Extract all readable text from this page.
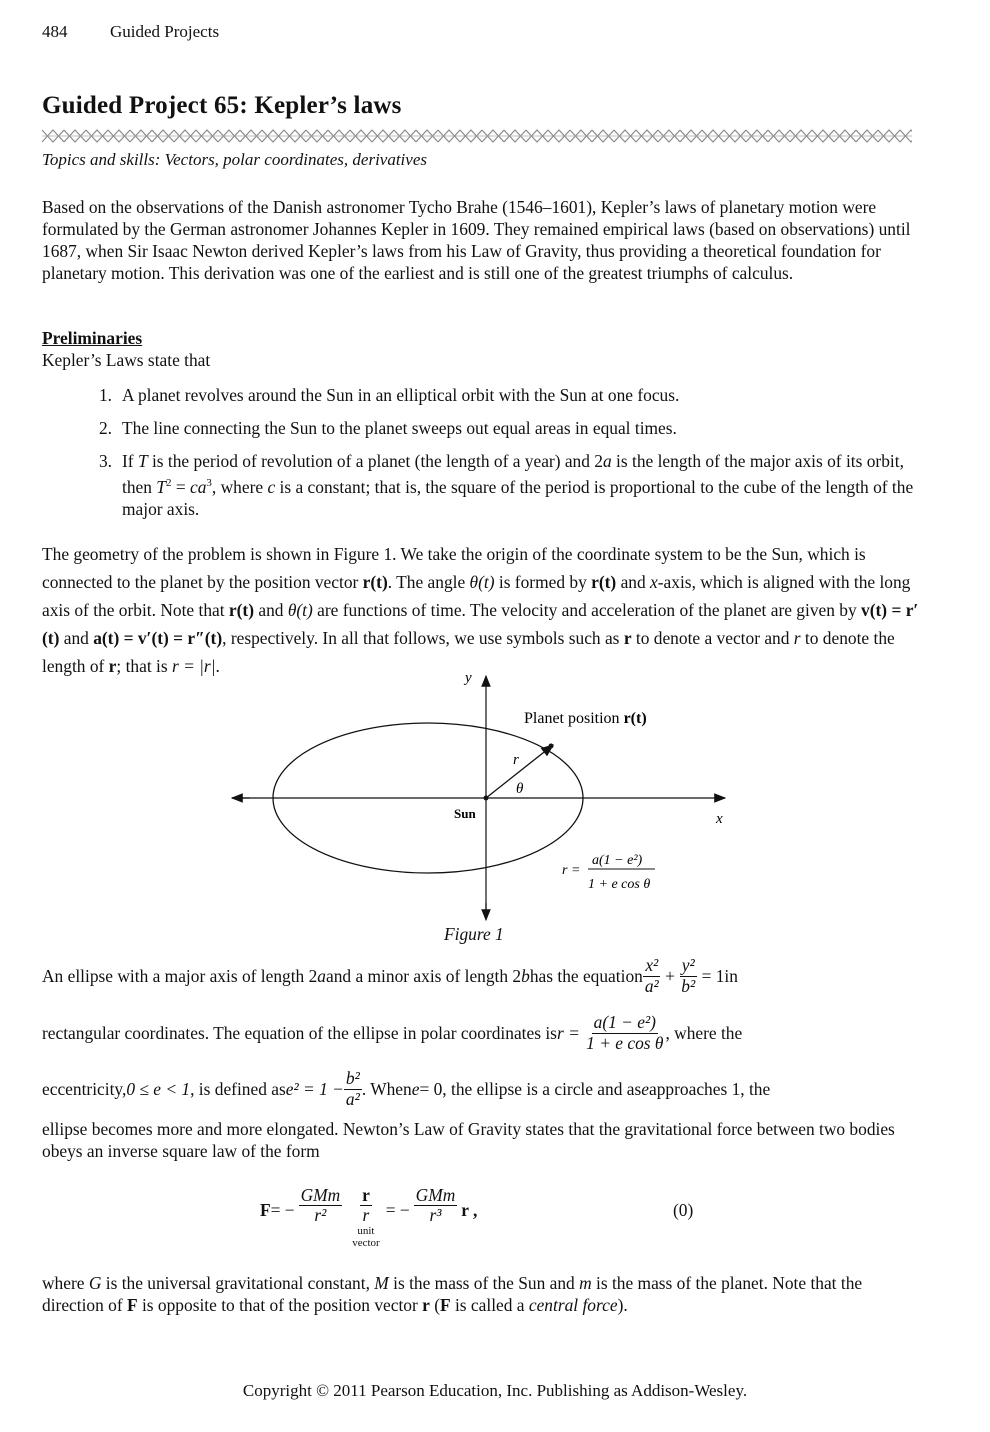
484	Guided Projects
Guided Project 65: Kepler’s laws
Topics and skills: Vectors, polar coordinates, derivatives
Based on the observations of the Danish astronomer Tycho Brahe (1546–1601), Kepler’s laws of planetary motion were formulated by the German astronomer Johannes Kepler in 1609. They remained empirical laws (based on observations) until 1687, when Sir Isaac Newton derived Kepler’s laws from his Law of Gravity, thus providing a theoretical foundation for planetary motion. This derivation was one of the earliest and is still one of the greatest triumphs of calculus.
Preliminaries
Kepler’s Laws state that
1. A planet revolves around the Sun in an elliptical orbit with the Sun at one focus.
2. The line connecting the Sun to the planet sweeps out equal areas in equal times.
3. If T is the period of revolution of a planet (the length of a year) and 2a is the length of the major axis of its orbit, then $T^2 = ca^3$, where c is a constant; that is, the square of the period is proportional to the cube of the length of the major axis.
The geometry of the problem is shown in Figure 1. We take the origin of the coordinate system to be the Sun, which is connected to the planet by the position vector r(t). The angle θ(t) is formed by r(t) and x-axis, which is aligned with the long axis of the orbit. Note that r(t) and θ(t) are functions of time. The velocity and acceleration of the planet are given by v(t) = r′(t) and a(t) = v′(t) = r″(t), respectively. In all that follows, we use symbols such as r to denote a vector and r to denote the length of r; that is r = |r|.
y
x
Sun
Planet position r(t)
r
θ
r =
a(1 − e²)
1 + e cos θ
Figure 1
An ellipse with a major axis of length 2 a and a minor axis of length 2 b has the equation $\frac{\text{x²}}{\text{a²}} + \frac{\text{y²}}{\text{b²}}$
= 1 in
rectangular coordinates. The equation of the ellipse in polar coordinates is r =
$\frac{\text{a(1 − e²)}}{\text{1 + e cos θ}}$ , where the
eccentricity, 0 ≤ e < 1 , is defined as $e^2 = 1 - \frac{\text{b²}}{\text{a²}}$ . When e = 0, the ellipse is a circle and as e approaches 1, the
ellipse becomes more and more elongated. Newton’s Law of Gravity states that the gravitational force between two bodies obeys an inverse square law of the form
F = − $\frac{\text{GMm}}{\text{r²}} \frac{r}{r}$
unit
vector
= − $\frac{\text{GMm}}{\text{r³}}$ r ,	(0)
where G is the universal gravitational constant, M is the mass of the Sun and m is the mass of the planet. Note that the direction of F is opposite to that of the position vector r (F is called a central force).
Copyright © 2011 Pearson Education, Inc. Publishing as Addison-Wesley.
